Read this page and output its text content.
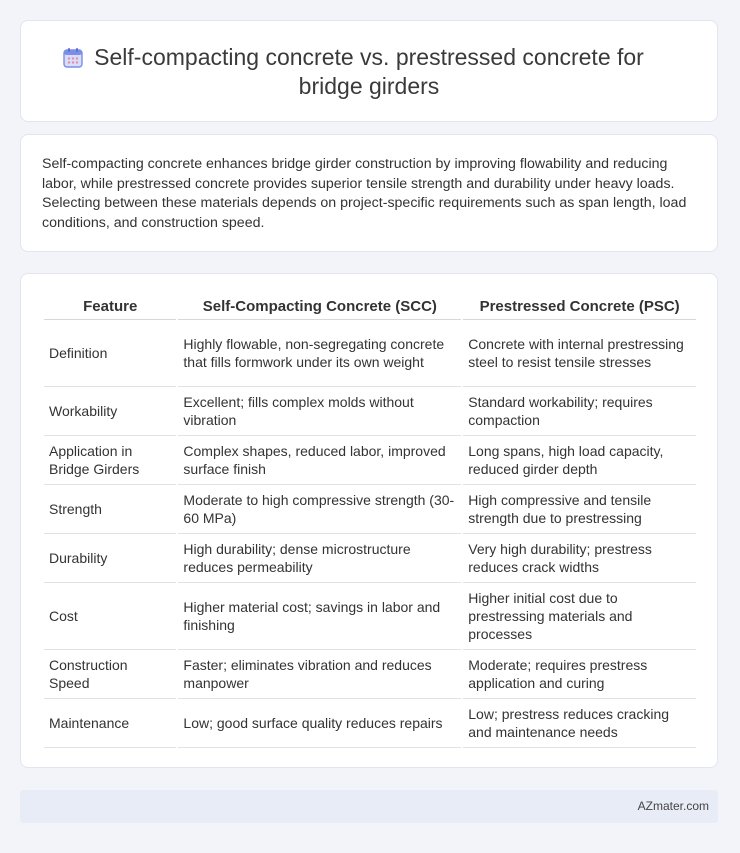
Self-compacting concrete vs. prestressed concrete for bridge girders
Self-compacting concrete enhances bridge girder construction by improving flowability and reducing labor, while prestressed concrete provides superior tensile strength and durability under heavy loads. Selecting between these materials depends on project-specific requirements such as span length, load conditions, and construction speed.
Feature	Self-Compacting Concrete (SCC)	Prestressed Concrete (PSC)
Definition	Highly flowable, non-segregating concrete that fills formwork under its own weight	Concrete with internal prestressing steel to resist tensile stresses
Workability	Excellent; fills complex molds without vibration	Standard workability; requires compaction
Application in Bridge Girders	Complex shapes, reduced labor, improved surface finish	Long spans, high load capacity, reduced girder depth
Strength	Moderate to high compressive strength (30-60 MPa)	High compressive and tensile strength due to prestressing
Durability	High durability; dense microstructure reduces permeability	Very high durability; prestress reduces crack widths
Cost	Higher material cost; savings in labor and finishing	Higher initial cost due to prestressing materials and processes
Construction Speed	Faster; eliminates vibration and reduces manpower	Moderate; requires prestress application and curing
Maintenance	Low; good surface quality reduces repairs	Low; prestress reduces cracking and maintenance needs
AZmater.com
